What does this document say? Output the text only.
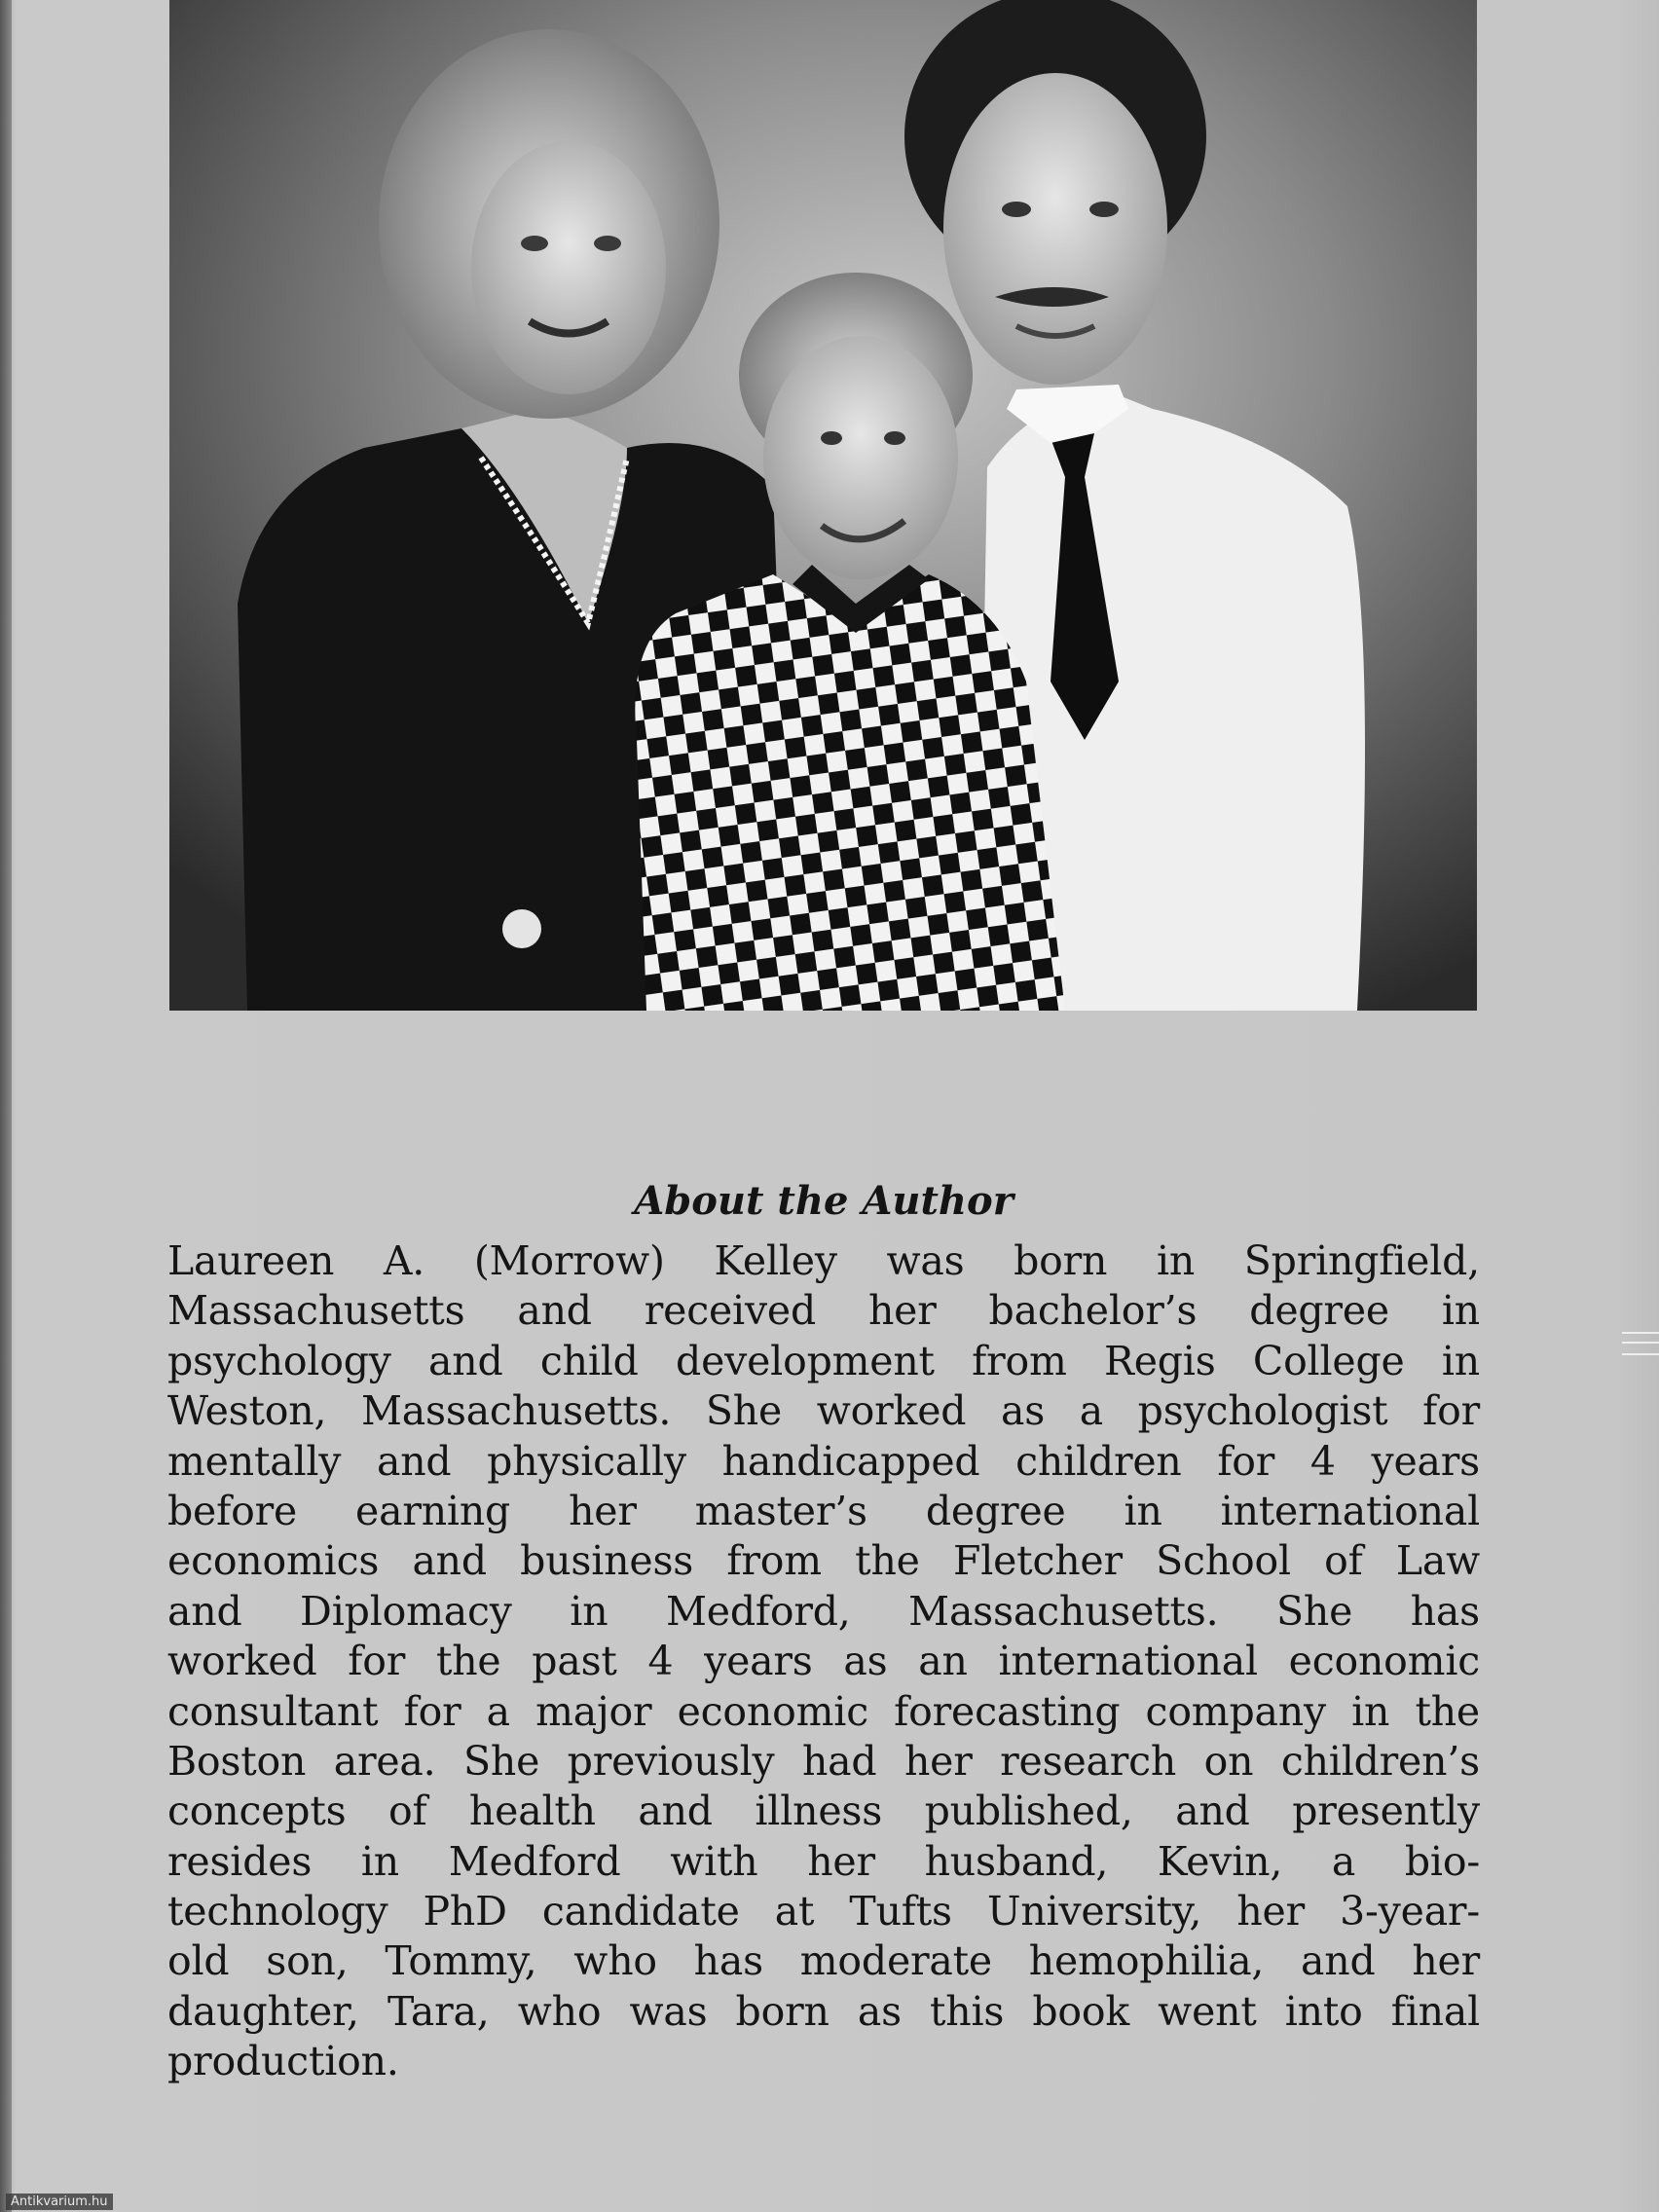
About the Author
Laureen A. (Morrow) Kelley was born in Springfield,
Massachusetts and received her bachelor’s degree in
psychology and child development from Regis College in
Weston, Massachusetts. She worked as a psychologist for
mentally and physically handicapped children for 4 years
before earning her master’s degree in international
economics and business from the Fletcher School of Law
and Diplomacy in Medford, Massachusetts. She has
worked for the past 4 years as an international economic
consultant for a major economic forecasting company in the
Boston area. She previously had her research on children’s
concepts of health and illness published, and presently
resides in Medford with her husband, Kevin, a bio-
technology PhD candidate at Tufts University, her 3-year-
old son, Tommy, who has moderate hemophilia, and her
daughter, Tara, who was born as this book went into final
production.
Antikvarium.hu
